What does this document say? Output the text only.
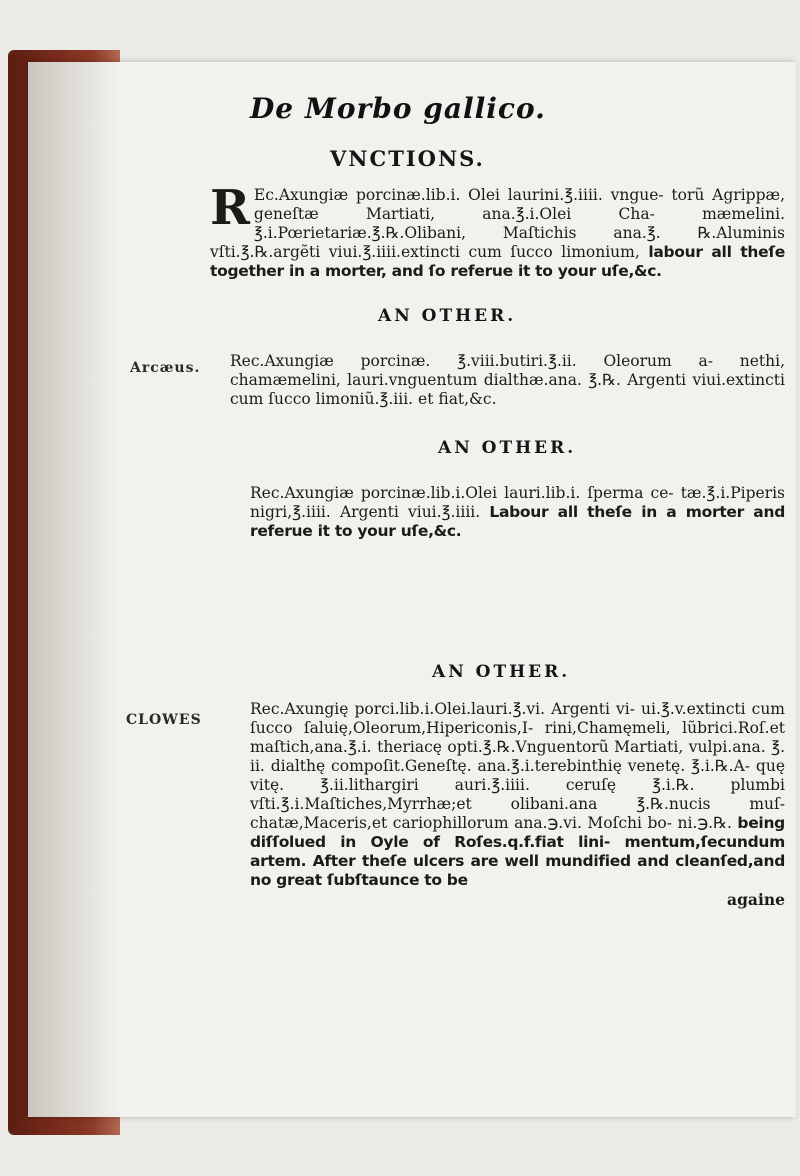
De Morbo gallico.
VNCTIONS.

R Ec.Axungiæ porcinæ.lib.i. Olei laurini.℥.iiii. vngue- torũ Agrippæ, geneſtæ Martiati, ana.℥.i.Olei Cha- mæmelini. ℥.i.Pœrietariæ.℥.℞.Olibani, Maſtichis ana.℥. ℞.Aluminis vſti.℥.℞.argẽti viui.℥.iiii.extincti cum ſucco limonium, labour all theſe together in a morter, and ſo referue it to your uſe,&c.

AN OTHER.
Arcæus. Rec.Axungiæ porcinæ. ℥.viii.butiri.℥.ii. Oleorum a- nethi, chamæmelini, lauri.vnguentum dialthæ.ana. ℥.℞. Argenti viui.extincti cum ſucco limoniũ.℥.iii. et fiat,&c.

AN OTHER.

Rec.Axungiæ porcinæ.lib.i.Olei lauri.lib.i. ſperma ce- tæ.℥.i.Piperis nigri,℥.iiii. Argenti viui.℥.iiii. Labour all theſe in a morter and referue it to your uſe,&c.

AN OTHER.
CLOWES

Rec.Axungię porci.lib.i.Olei.lauri.℥.vi. Argenti vi- ui.℥.v.extincti cum ſucco ſaluię,Oleorum,Hipericonis,I- rini,Chamęmeli, lũbrici.Roſ.et maſtich,ana.℥.i. theriacę opti.℥.℞.Vnguentorũ Martiati, vulpi.ana. ℥. ii. dialthę compoſit.Geneſtę. ana.℥.i.terebinthię venetę. ℥.i.℞.A- quę vitę. ℥.ii.lithargiri auri.℥.iiii. ceruſę ℥.i.℞. plumbi vſti.℥.i.Maſtiches,Myrrhæ;et olibani.ana ℥.℞.nucis muſ- chatæ,Maceris,et cariophillorum ana.℈.vi. Moſchi bo- ni.℈.℞. being diſſolued in Oyle of Roſes.q.f.fiat lini- mentum,ſecundum artem. After theſe ulcers are well mundified and cleanſed,and no great ſubſtaunce to be

againe
